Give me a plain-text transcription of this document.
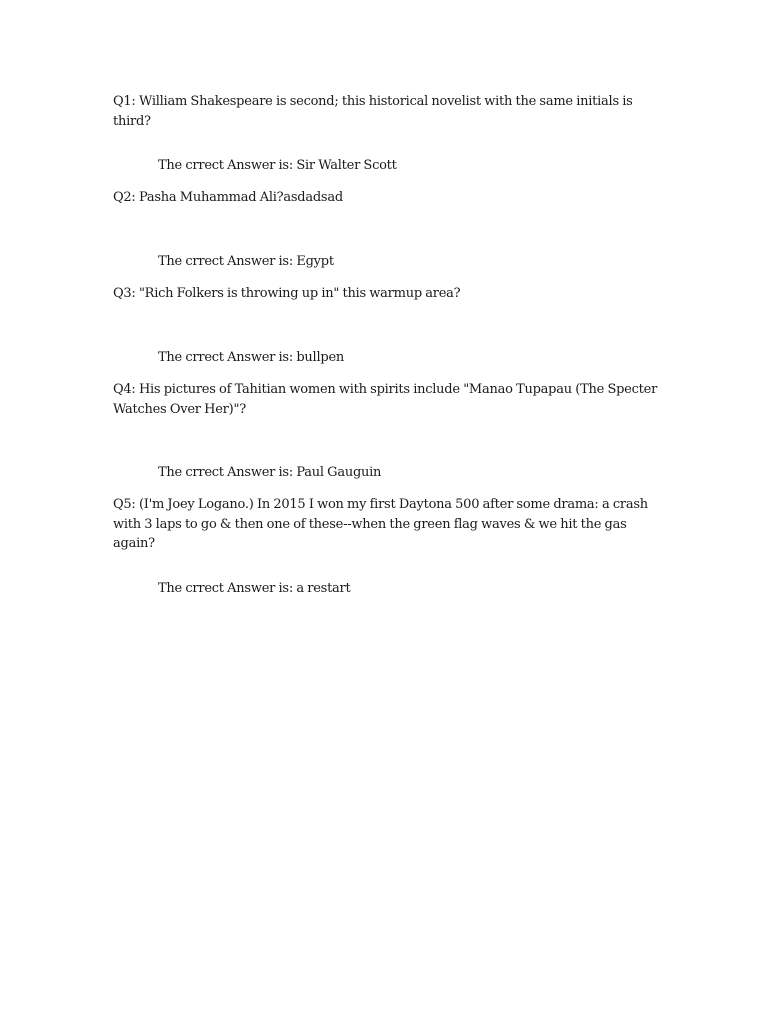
Q1: William Shakespeare is second; this historical novelist with the same initials is third?

The crrect Answer is: Sir Walter Scott

Q2: Pasha Muhammad Ali?asdadsad

The crrect Answer is: Egypt

Q3: "Rich Folkers is throwing up in" this warmup area?

The crrect Answer is: bullpen

Q4: His pictures of Tahitian women with spirits include "Manao Tupapau (The Specter Watches Over Her)"?

The crrect Answer is: Paul Gauguin

Q5: (I'm Joey Logano.) In 2015 I won my first Daytona 500 after some drama: a crash with 3 laps to go & then one of these--when the green flag waves & we hit the gas again?

The crrect Answer is: a restart
